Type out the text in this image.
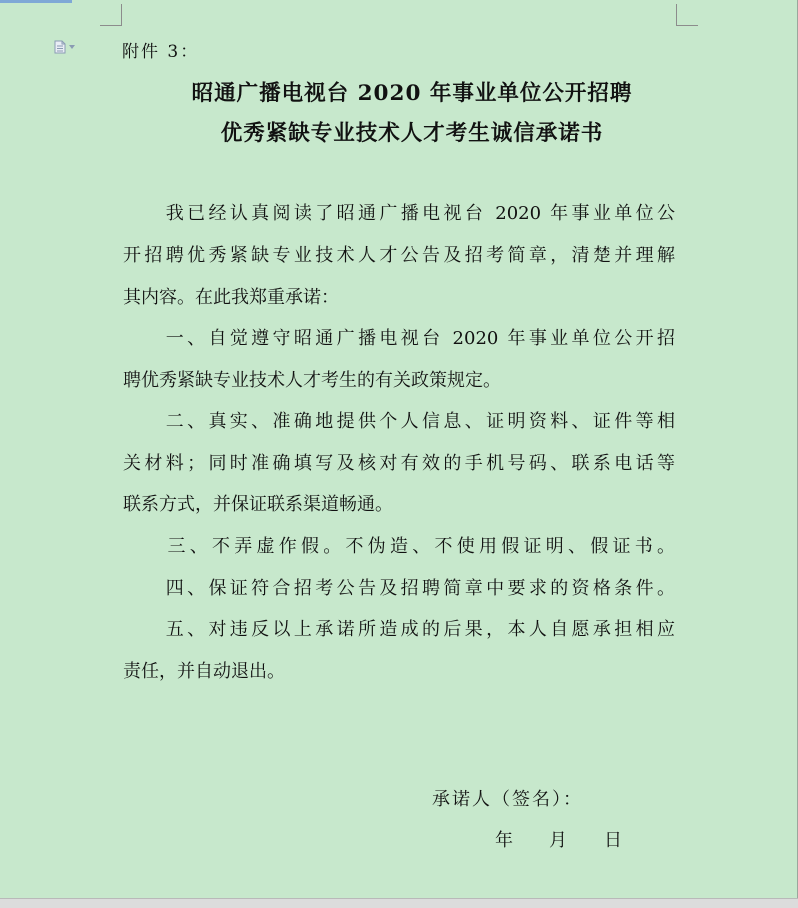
附件 3：
昭通广播电视台 2020 年事业单位公开招聘
优秀紧缺专业技术人才考生诚信承诺书
　　我已经认真阅读了昭通广播电视台 2020 年事业单位公
开招聘优秀紧缺专业技术人才公告及招考简章，清楚并理解
其内容。在此我郑重承诺：
　　一、自觉遵守昭通广播电视台 2020 年事业单位公开招
聘优秀紧缺专业技术人才考生的有关政策规定。
　　二、真实、准确地提供个人信息、证明资料、证件等相
关材料；同时准确填写及核对有效的手机号码、联系电话等
联系方式，并保证联系渠道畅通。
　　三、不弄虚作假。不伪造、不使用假证明、假证书。
　　四、保证符合招考公告及招聘简章中要求的资格条件。
　　五、对违反以上承诺所造成的后果，本人自愿承担相应
责任，并自动退出。
承诺人（签名）：
年 月 日
